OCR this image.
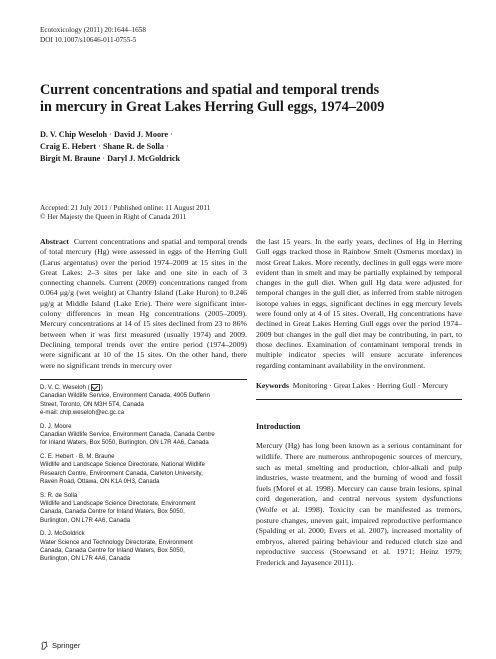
Ecotoxicology (2011) 20:1644–1658
DOI 10.1007/s10646-011-0755-5
Current concentrations and spatial and temporal trends
in mercury in Great Lakes Herring Gull eggs, 1974–2009
D. V. Chip Weseloh · David J. Moore ·
Craig E. Hebert · Shane R. de Solla ·
Birgit M. Braune · Daryl J. McGoldrick
Accepted: 21 July 2011 / Published online: 11 August 2011
© Her Majesty the Queen in Right of Canada 2011

Abstract Current concentrations and spatial and temporal trends of total mercury (Hg) were assessed in eggs of the Herring Gull (Larus argentatus) over the period 1974–2009 at 15 sites in the Great Lakes: 2–3 sites per lake and one site in each of 3 connecting channels. Current (2009) concentrations ranged from 0.064 μg/g (wet weight) at Chantry Island (Lake Huron) to 0.246 μg/g at Middle Island (Lake Erie). There were significant inter-colony differences in mean Hg concentrations (2005–2009). Mercury concentrations at 14 of 15 sites declined from 23 to 86% between when it was first measured (usually 1974) and 2009. Declining temporal trends over the entire period (1974–2009) were significant at 10 of the 15 sites. On the other hand, there were no significant trends in mercury over

D. V. C. Weseloh ( )
Canadian Wildlife Service, Environment Canada, 4905 Dufferin
Street, Toronto, ON M3H 5T4, Canada
e-mail: chip.weseloh@ec.gc.ca
D. J. Moore
Canadian Wildlife Service, Environment Canada, Canada Centre
for Inland Waters, Box 5050, Burlington, ON L7R 4A6, Canada
C. E. Hebert · B. M. Braune
Wildlife and Landscape Science Directorate, National Wildlife
Research Centre, Environment Canada, Carleton University,
Raven Road, Ottawa, ON K1A 0H3, Canada
S. R. de Solla
Wildlife and Landscape Science Directorate, Environment
Canada, Canada Centre for Inland Waters, Box 5050,
Burlington, ON L7R 4A6, Canada
D. J. McGoldrick
Water Science and Technology Directorate, Environment
Canada, Canada Centre for Inland Waters, Box 5050,
Burlington, ON L7R 4A6, Canada

the last 15 years. In the early years, declines of Hg in Herring Gull eggs tracked those in Rainbow Smelt (Osmerus mordax) in most Great Lakes. More recently, declines in gull eggs were more evident than in smelt and may be partially explained by temporal changes in the gull diet. When gull Hg data were adjusted for temporal changes in the gull diet, as inferred from stable nitrogen isotope values in eggs, significant declines in egg mercury levels were found only at 4 of 15 sites. Overall, Hg concentrations have declined in Great Lakes Herring Gull eggs over the period 1974–2009 but changes in the gull diet may be contributing, in part, to those declines. Examination of contaminant temporal trends in multiple indicator species will ensure accurate inferences regarding contaminant availability in the environment.

Keywords Monitoring · Great Lakes · Herring Gull · Mercury
Introduction

Mercury (Hg) has long been known as a serious contaminant for wildlife. There are numerous anthropogenic sources of mercury, such as metal smelting and production, chlor-alkali and pulp industries, waste treatment, and the burning of wood and fossil fuels (Morel et al. 1998). Mercury can cause brain lesions, spinal cord degeneration, and central nervous system dysfunctions (Wolfe et al. 1998). Toxicity can be manifested as tremors, posture changes, uneven gait, impaired reproductive performance (Spalding et al. 2000; Evers et al. 2007), increased mortality of embryos, altered pairing behaviour and reduced clutch size and reproductive success (Stoewsand et al. 1971; Heinz 1979; Frederick and Jayasence 2011).

Springer
